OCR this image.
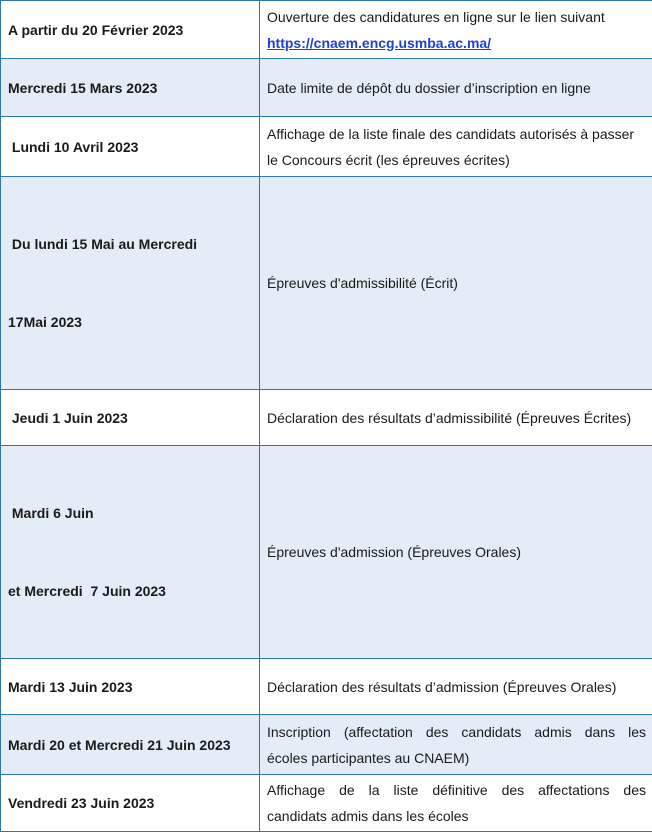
A partir du 20 Février 2023	Ouverture des candidatures en ligne sur le lien suivant
https://cnaem.encg.usmba.ac.ma/

Mercredi 15 Mars 2023	Date limite de dépôt du dossier d’inscription en ligne
Lundi 10 Avril 2023	Affichage de la liste finale des candidats autorisés à passer
le Concours écrit (les épreuves écrites)

Du lundi 15 Mai au Mercredi

17Mai 2023	Épreuves d'admissibilité (Écrit)
Jeudi 1 Juin 2023	Déclaration des résultats d’admissibilité (Épreuves Écrites)

Mardi 6 Juin

et Mercredi  7 Juin 2023	Épreuves d'admission (Épreuves Orales)
Mardi 13 Juin 2023	Déclaration des résultats d’admission (Épreuves Orales)
Mardi 20 et Mercredi 21 Juin 2023	Inscription (affectation des candidats admis dans les
écoles participantes au CNAEM)

Vendredi 23 Juin 2023	Affichage de la liste définitive des affectations des
candidats admis dans les écoles
